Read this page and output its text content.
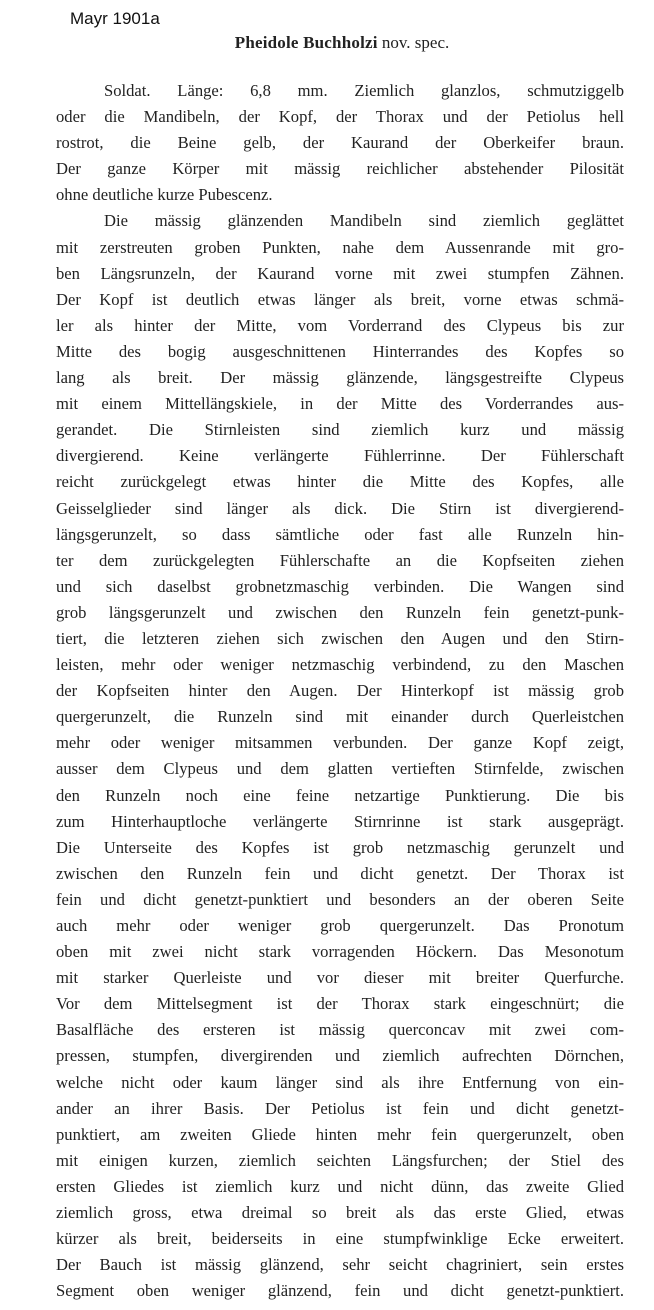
Mayr 1901a
Pheidole Buchholzi nov. spec.
Soldat. Länge: 6,8 mm. Ziemlich glanzlos, schmutziggelb
oder die Mandibeln, der Kopf, der Thorax und der Petiolus hell
rostrot, die Beine gelb, der Kaurand der Oberkeifer braun.
Der ganze Körper mit mässig reichlicher abstehender Pilosität
ohne deutliche kurze Pubescenz.
Die mässig glänzenden Mandibeln sind ziemlich geglättet
mit zerstreuten groben Punkten, nahe dem Aussenrande mit gro-
ben Längsrunzeln, der Kaurand vorne mit zwei stumpfen Zähnen.
Der Kopf ist deutlich etwas länger als breit, vorne etwas schmä-
ler als hinter der Mitte, vom Vorderrand des Clypeus bis zur
Mitte des bogig ausgeschnittenen Hinterrandes des Kopfes so
lang als breit. Der mässig glänzende, längsgestreifte Clypeus
mit einem Mittellängskiele, in der Mitte des Vorderrandes aus-
gerandet. Die Stirnleisten sind ziemlich kurz und mässig
divergierend. Keine verlängerte Fühlerrinne. Der Fühlerschaft
reicht zurückgelegt etwas hinter die Mitte des Kopfes, alle
Geisselglieder sind länger als dick. Die Stirn ist divergierend-
längsgerunzelt, so dass sämtliche oder fast alle Runzeln hin-
ter dem zurückgelegten Fühlerschafte an die Kopfseiten ziehen
und sich daselbst grobnetzmaschig verbinden. Die Wangen sind
grob längsgerunzelt und zwischen den Runzeln fein genetzt-punk-
tiert, die letzteren ziehen sich zwischen den Augen und den Stirn-
leisten, mehr oder weniger netzmaschig verbindend, zu den Maschen
der Kopfseiten hinter den Augen. Der Hinterkopf ist mässig grob
quergerunzelt, die Runzeln sind mit einander durch Querleistchen
mehr oder weniger mitsammen verbunden. Der ganze Kopf zeigt,
ausser dem Clypeus und dem glatten vertieften Stirnfelde, zwischen
den Runzeln noch eine feine netzartige Punktierung. Die bis
zum Hinterhauptloche verlängerte Stirnrinne ist stark ausgeprägt.
Die Unterseite des Kopfes ist grob netzmaschig gerunzelt und
zwischen den Runzeln fein und dicht genetzt. Der Thorax ist
fein und dicht genetzt-punktiert und besonders an der oberen Seite
auch mehr oder weniger grob quergerunzelt. Das Pronotum
oben mit zwei nicht stark vorragenden Höckern. Das Mesonotum
mit starker Querleiste und vor dieser mit breiter Querfurche.
Vor dem Mittelsegment ist der Thorax stark eingeschnürt; die
Basalfläche des ersteren ist mässig querconcav mit zwei com-
pressen, stumpfen, divergirenden und ziemlich aufrechten Dörnchen,
welche nicht oder kaum länger sind als ihre Entfernung von ein-
ander an ihrer Basis. Der Petiolus ist fein und dicht genetzt-
punktiert, am zweiten Gliede hinten mehr fein quergerunzelt, oben
mit einigen kurzen, ziemlich seichten Längsfurchen; der Stiel des
ersten Gliedes ist ziemlich kurz und nicht dünn, das zweite Glied
ziemlich gross, etwa dreimal so breit als das erste Glied, etwas
kürzer als breit, beiderseits in eine stumpfwinklige Ecke erweitert.
Der Bauch ist mässig glänzend, sehr seicht chagriniert, sein erstes
Segment oben weniger glänzend, fein und dicht genetzt-punktiert.
